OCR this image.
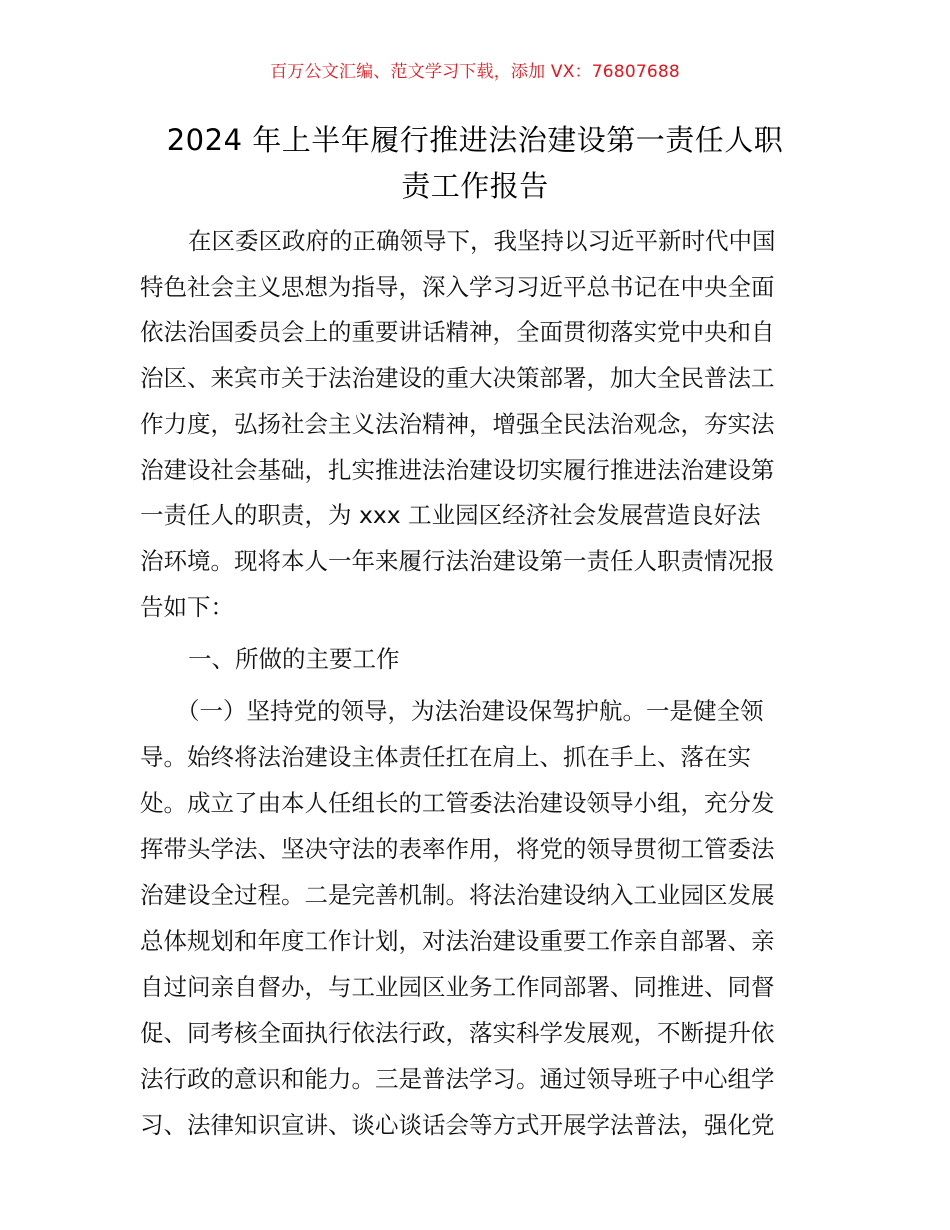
百万公文汇编、范文学习下载，添加 VX：76807688
2024 年上半年履行推进法治建设第一责任人职
责工作报告
在区委区政府的正确领导下，我坚持以习近平新时代中国
特色社会主义思想为指导，深入学习习近平总书记在中央全面
依法治国委员会上的重要讲话精神，全面贯彻落实党中央和自
治区、来宾市关于法治建设的重大决策部署，加大全民普法工
作力度，弘扬社会主义法治精神，增强全民法治观念，夯实法
治建设社会基础，扎实推进法治建设切实履行推进法治建设第
一责任人的职责，为 xxx 工业园区经济社会发展营造良好法
治环境。现将本人一年来履行法治建设第一责任人职责情况报
告如下：
一、所做的主要工作
（一）坚持党的领导，为法治建设保驾护航。一是健全领
导。始终将法治建设主体责任扛在肩上、抓在手上、落在实
处。成立了由本人任组长的工管委法治建设领导小组，充分发
挥带头学法、坚决守法的表率作用，将党的领导贯彻工管委法
治建设全过程。二是完善机制。将法治建设纳入工业园区发展
总体规划和年度工作计划，对法治建设重要工作亲自部署、亲
自过问亲自督办，与工业园区业务工作同部署、同推进、同督
促、同考核全面执行依法行政，落实科学发展观，不断提升依
法行政的意识和能力。三是普法学习。通过领导班子中心组学
习、法律知识宣讲、谈心谈话会等方式开展学法普法，强化党
